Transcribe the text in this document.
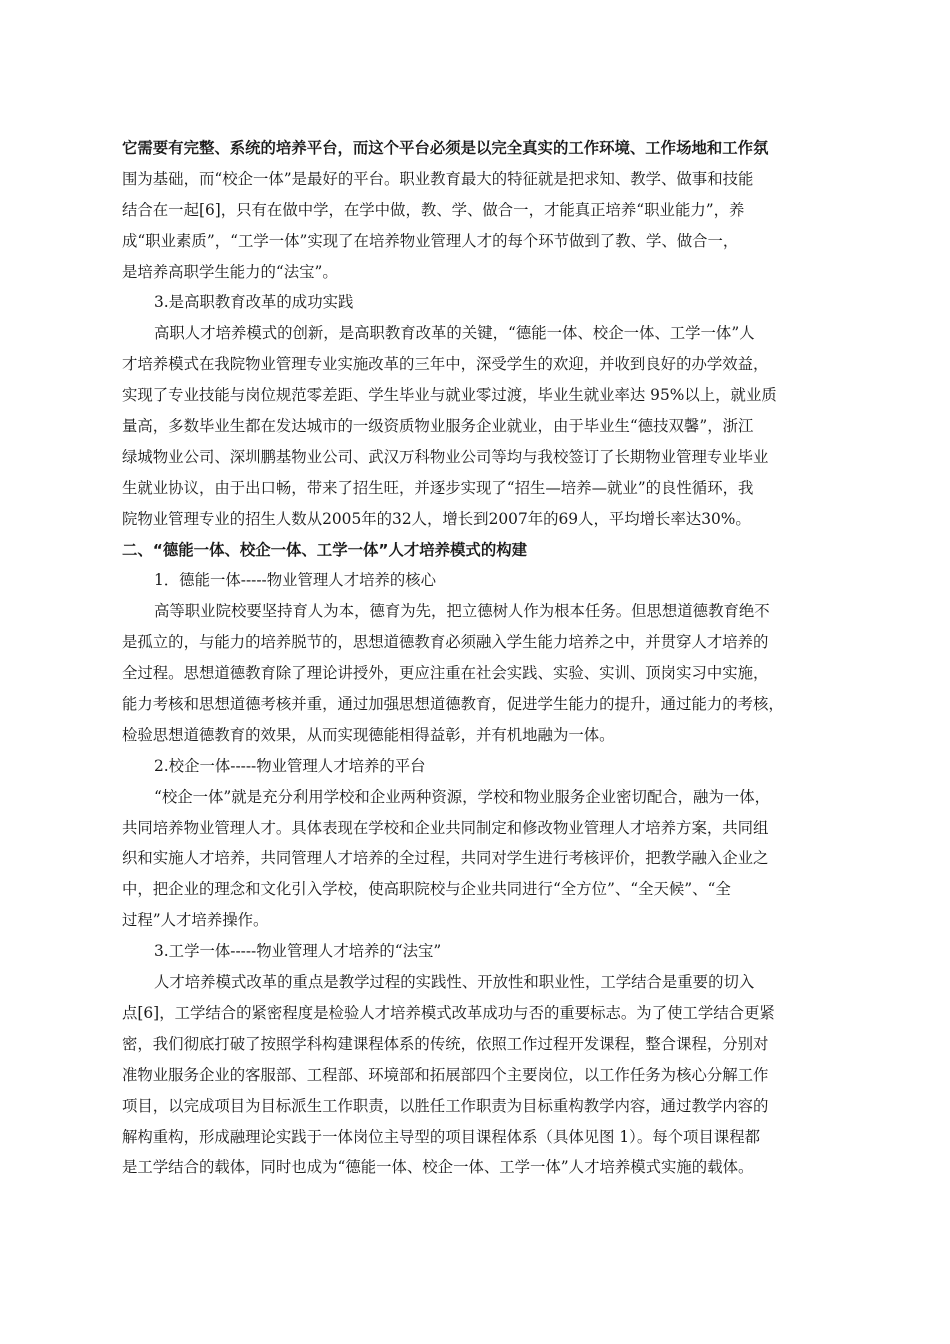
它需要有完整、系统的培养平台，而这个平台必须是以完全真实的工作环境、工作场地和工作氛
围为基础，而“校企一体”是最好的平台。职业教育最大的特征就是把求知、教学、做事和技能
结合在一起[6]，只有在做中学，在学中做，教、学、做合一，才能真正培养“职业能力”，养
成“职业素质”，“工学一体”实现了在培养物业管理人才的每个环节做到了教、学、做合一，
是培养高职学生能力的“法宝”。
3.是高职教育改革的成功实践
高职人才培养模式的创新，是高职教育改革的关键，“德能一体、校企一体、工学一体”人
才培养模式在我院物业管理专业实施改革的三年中，深受学生的欢迎，并收到良好的办学效益，
实现了专业技能与岗位规范零差距、学生毕业与就业零过渡，毕业生就业率达 95%以上，就业质
量高，多数毕业生都在发达城市的一级资质物业服务企业就业，由于毕业生“德技双馨”，浙江
绿城物业公司、深圳鹏基物业公司、武汉万科物业公司等均与我校签订了长期物业管理专业毕业
生就业协议，由于出口畅，带来了招生旺，并逐步实现了“招生—培养—就业”的良性循环，我
院物业管理专业的招生人数从2005年的32人，增长到2007年的69人，平均增长率达30%。
二、“德能一体、校企一体、工学一体”人才培养模式的构建
1．德能一体-----物业管理人才培养的核心
高等职业院校要坚持育人为本，德育为先，把立德树人作为根本任务。但思想道德教育绝不
是孤立的，与能力的培养脱节的，思想道德教育必须融入学生能力培养之中，并贯穿人才培养的
全过程。思想道德教育除了理论讲授外，更应注重在社会实践、实验、实训、顶岗实习中实施，
能力考核和思想道德考核并重，通过加强思想道德教育，促进学生能力的提升，通过能力的考核，
检验思想道德教育的效果，从而实现德能相得益彰，并有机地融为一体。
2.校企一体-----物业管理人才培养的平台
“校企一体”就是充分利用学校和企业两种资源，学校和物业服务企业密切配合，融为一体，
共同培养物业管理人才。具体表现在学校和企业共同制定和修改物业管理人才培养方案，共同组
织和实施人才培养，共同管理人才培养的全过程，共同对学生进行考核评价，把教学融入企业之
中，把企业的理念和文化引入学校，使高职院校与企业共同进行“全方位”、“全天候”、“全
过程”人才培养操作。
3.工学一体-----物业管理人才培养的“法宝”
人才培养模式改革的重点是教学过程的实践性、开放性和职业性，工学结合是重要的切入
点[6]，工学结合的紧密程度是检验人才培养模式改革成功与否的重要标志。为了使工学结合更紧
密，我们彻底打破了按照学科构建课程体系的传统，依照工作过程开发课程，整合课程，分别对
准物业服务企业的客服部、工程部、环境部和拓展部四个主要岗位，以工作任务为核心分解工作
项目，以完成项目为目标派生工作职责，以胜任工作职责为目标重构教学内容，通过教学内容的
解构重构，形成融理论实践于一体岗位主导型的项目课程体系（具体见图 1）。每个项目课程都
是工学结合的载体，同时也成为“德能一体、校企一体、工学一体”人才培养模式实施的载体。
